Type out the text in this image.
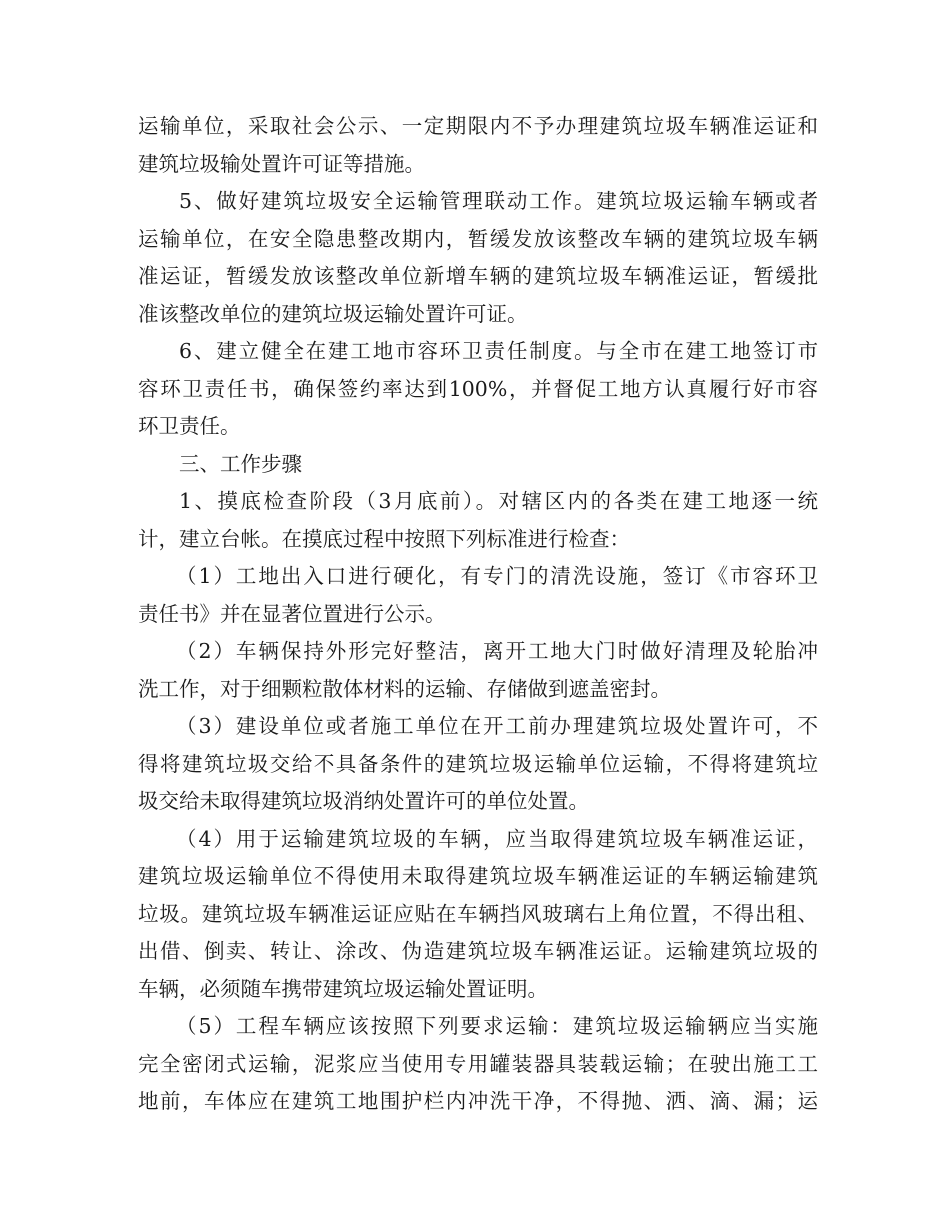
运输单位，采取社会公示、一定期限内不予办理建筑垃圾车辆准运证和
建筑垃圾输处置许可证等措施。
5、做好建筑垃圾安全运输管理联动工作。建筑垃圾运输车辆或者
运输单位，在安全隐患整改期内，暂缓发放该整改车辆的建筑垃圾车辆
准运证，暂缓发放该整改单位新增车辆的建筑垃圾车辆准运证，暂缓批
准该整改单位的建筑垃圾运输处置许可证。
6、建立健全在建工地市容环卫责任制度。与全市在建工地签订市
容环卫责任书，确保签约率达到100%，并督促工地方认真履行好市容
环卫责任。
三、工作步骤
1、摸底检查阶段（3月底前）。对辖区内的各类在建工地逐一统
计，建立台帐。在摸底过程中按照下列标准进行检查：
（1）工地出入口进行硬化，有专门的清洗设施，签订《市容环卫
责任书》并在显著位置进行公示。
（2）车辆保持外形完好整洁，离开工地大门时做好清理及轮胎冲
洗工作，对于细颗粒散体材料的运输、存储做到遮盖密封。
（3）建设单位或者施工单位在开工前办理建筑垃圾处置许可，不
得将建筑垃圾交给不具备条件的建筑垃圾运输单位运输，不得将建筑垃
圾交给未取得建筑垃圾消纳处置许可的单位处置。
（4）用于运输建筑垃圾的车辆，应当取得建筑垃圾车辆准运证，
建筑垃圾运输单位不得使用未取得建筑垃圾车辆准运证的车辆运输建筑
垃圾。建筑垃圾车辆准运证应贴在车辆挡风玻璃右上角位置，不得出租、
出借、倒卖、转让、涂改、伪造建筑垃圾车辆准运证。运输建筑垃圾的
车辆，必须随车携带建筑垃圾运输处置证明。
（5）工程车辆应该按照下列要求运输：建筑垃圾运输辆应当实施
完全密闭式运输，泥浆应当使用专用罐装器具装载运输；在驶出施工工
地前，车体应在建筑工地围护栏内冲洗干净，不得抛、洒、滴、漏；运
